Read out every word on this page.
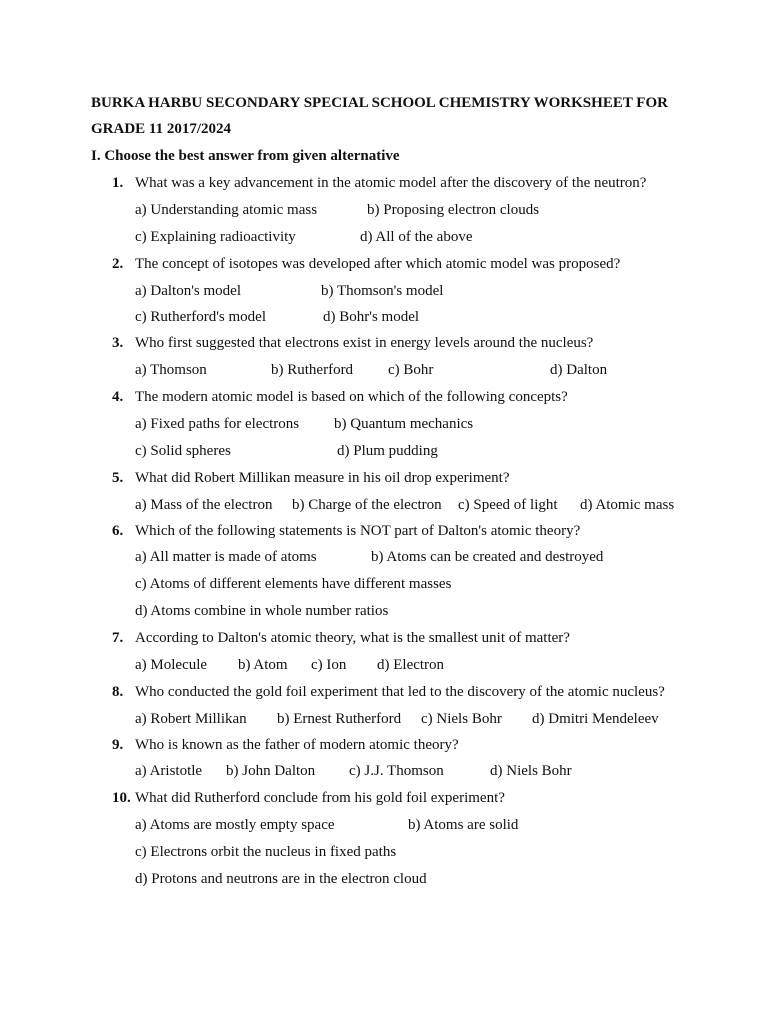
BURKA HARBU SECONDARY SPECIAL SCHOOL CHEMISTRY WORKSHEET FOR
GRADE 11 2017/2024
I. Choose the best answer from given alternative
1. What was a key advancement in the atomic model after the discovery of the neutron?
a) Understanding atomic mass	b) Proposing electron clouds
c) Explaining radioactivity	d) All of the above
2. The concept of isotopes was developed after which atomic model was proposed?
a) Dalton's model	b) Thomson's model
c) Rutherford's model	d) Bohr's model
3. Who first suggested that electrons exist in energy levels around the nucleus?
a) Thomson	b) Rutherford c) Bohr	d) Dalton
4. The modern atomic model is based on which of the following concepts?
a) Fixed paths for electrons b) Quantum mechanics
c) Solid spheres	d) Plum pudding
5. What did Robert Millikan measure in his oil drop experiment?
a) Mass of the electron b) Charge of the electron c) Speed of light d) Atomic mass
6. Which of the following statements is NOT part of Dalton's atomic theory?
a) All matter is made of atoms	b) Atoms can be created and destroyed
c) Atoms of different elements have different masses
d) Atoms combine in whole number ratios
7. According to Dalton's atomic theory, what is the smallest unit of matter?
a) Molecule b) Atom c) Ion d) Electron
8. Who conducted the gold foil experiment that led to the discovery of the atomic nucleus?
a) Robert Millikan b) Ernest Rutherford c) Niels Bohr d) Dmitri Mendeleev
9. Who is known as the father of modern atomic theory?
a) Aristotle b) John Dalton c) J.J. Thomson	d) Niels Bohr
10. What did Rutherford conclude from his gold foil experiment?
a) Atoms are mostly empty space	b) Atoms are solid
c) Electrons orbit the nucleus in fixed paths
d) Protons and neutrons are in the electron cloud
